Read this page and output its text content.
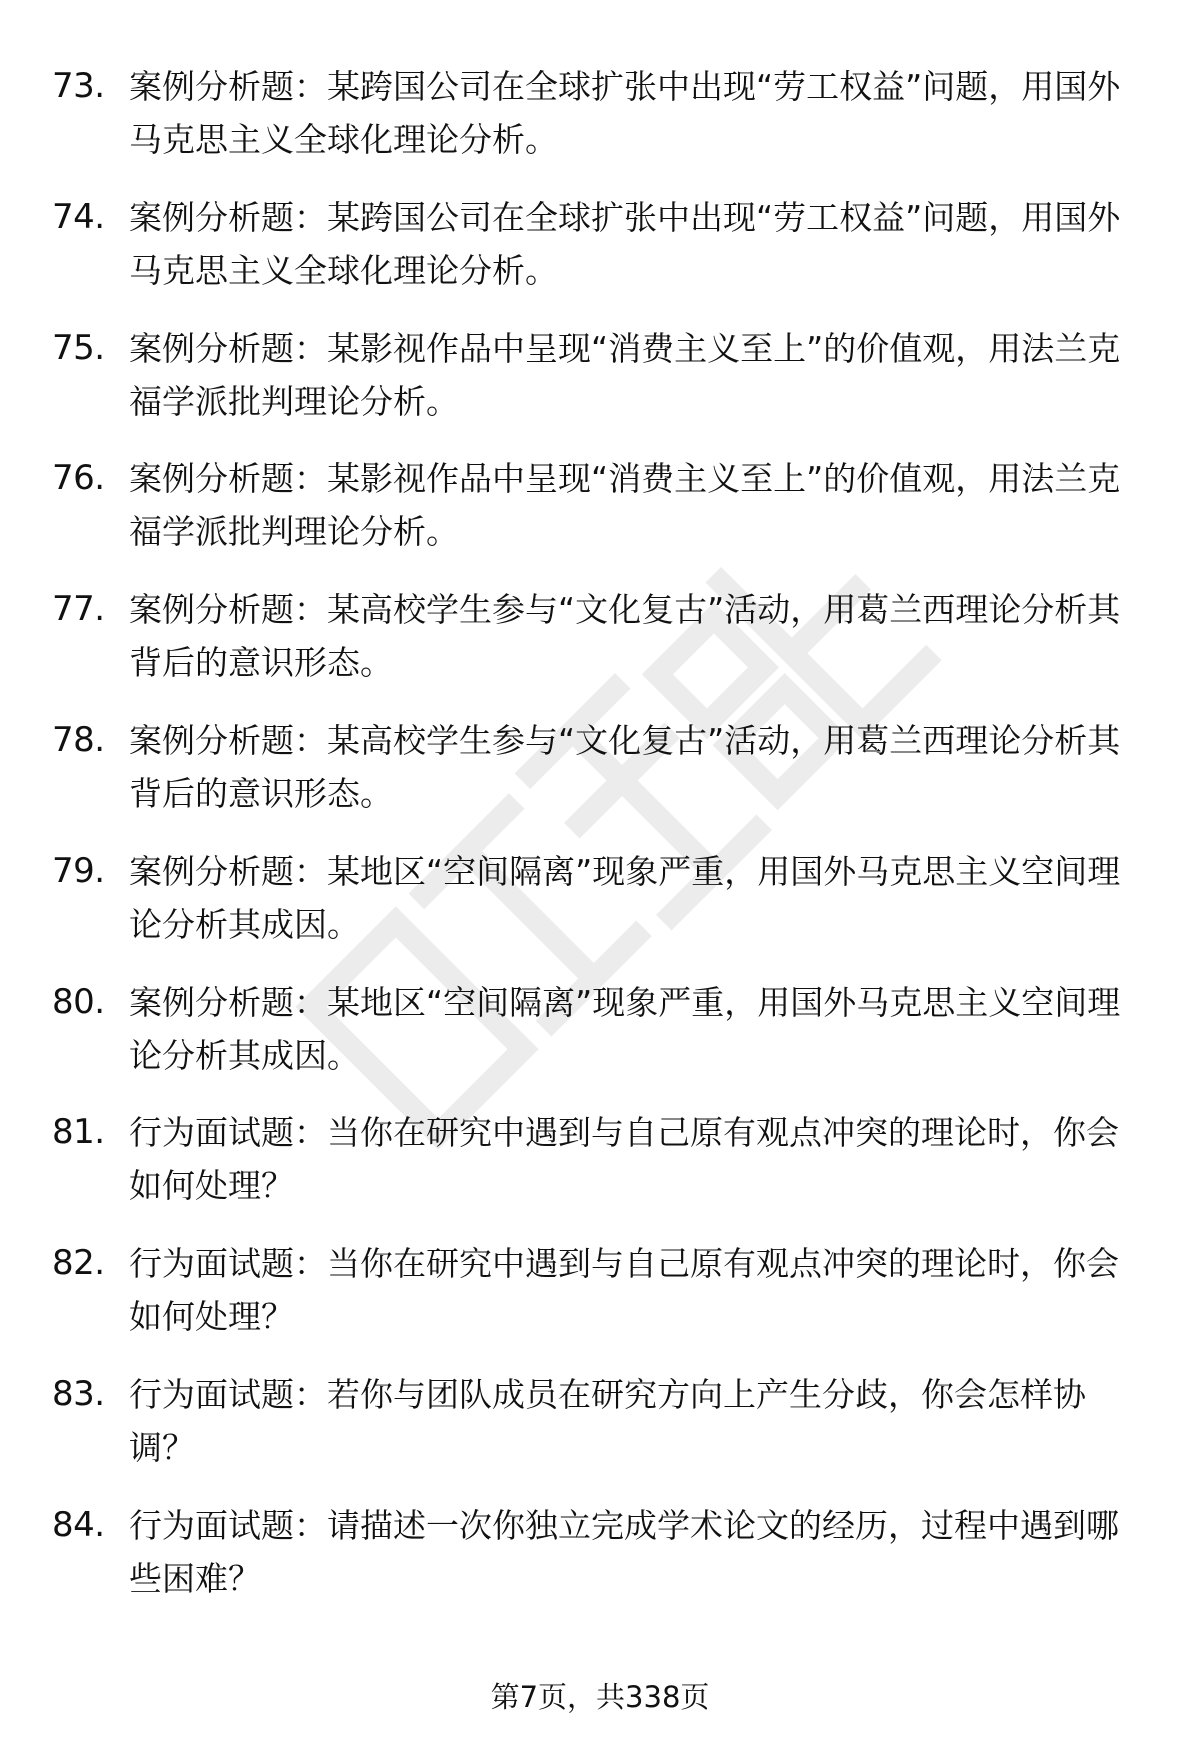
73. 案例分析题：某跨国公司在全球扩张中出现“劳工权益”问题，用国外马克思主义全球化理论分析。
74. 案例分析题：某跨国公司在全球扩张中出现“劳工权益”问题，用国外马克思主义全球化理论分析。
75. 案例分析题：某影视作品中呈现“消费主义至上”的价值观，用法兰克福学派批判理论分析。
76. 案例分析题：某影视作品中呈现“消费主义至上”的价值观，用法兰克福学派批判理论分析。
77. 案例分析题：某高校学生参与“文化复古”活动，用葛兰西理论分析其背后的意识形态。
78. 案例分析题：某高校学生参与“文化复古”活动，用葛兰西理论分析其背后的意识形态。
79. 案例分析题：某地区“空间隔离”现象严重，用国外马克思主义空间理论分析其成因。
80. 案例分析题：某地区“空间隔离”现象严重，用国外马克思主义空间理论分析其成因。
81. 行为面试题：当你在研究中遇到与自己原有观点冲突的理论时，你会如何处理？
82. 行为面试题：当你在研究中遇到与自己原有观点冲突的理论时，你会如何处理？
83. 行为面试题：若你与团队成员在研究方向上产生分歧，你会怎样协调？
84. 行为面试题：请描述一次你独立完成学术论文的经历，过程中遇到哪些困难？
第7页，共338页
